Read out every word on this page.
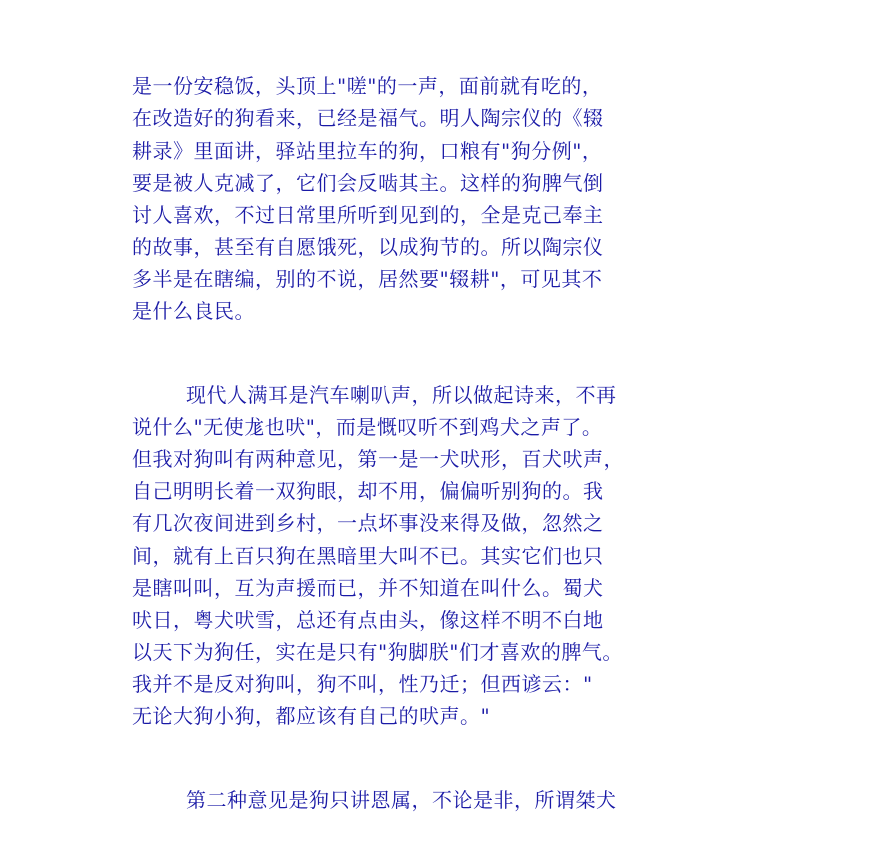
是一份安稳饭，头顶上"嗟"的一声，面前就有吃的，
在改造好的狗看来，已经是福气。明人陶宗仪的《辍
耕录》里面讲，驿站里拉车的狗，口粮有"狗分例"，
要是被人克减了，它们会反啮其主。这样的狗脾气倒
讨人喜欢，不过日常里所听到见到的，全是克己奉主
的故事，甚至有自愿饿死，以成狗节的。所以陶宗仪
多半是在瞎编，别的不说，居然要"辍耕"，可见其不
是什么良民。
现代人满耳是汽车喇叭声，所以做起诗来，不再
说什么"无使尨也吠"，而是慨叹听不到鸡犬之声了。
但我对狗叫有两种意见，第一是一犬吠形，百犬吠声，
自己明明长着一双狗眼，却不用，偏偏听别狗的。我
有几次夜间进到乡村，一点坏事没来得及做，忽然之
间，就有上百只狗在黑暗里大叫不已。其实它们也只
是瞎叫叫，互为声援而已，并不知道在叫什么。蜀犬
吠日，粤犬吠雪，总还有点由头，像这样不明不白地
以天下为狗任，实在是只有"狗脚朕"们才喜欢的脾气。
我并不是反对狗叫，狗不叫，性乃迁；但西谚云："
无论大狗小狗，都应该有自己的吠声。"
第二种意见是狗只讲恩属，不论是非，所谓桀犬
